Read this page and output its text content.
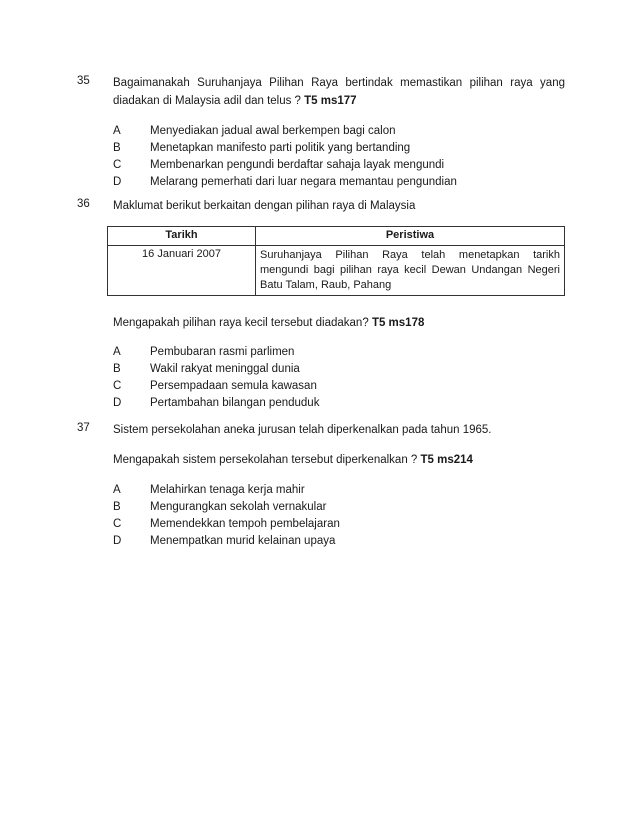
35 Bagaimanakah Suruhanjaya Pilihan Raya bertindak memastikan pilihan raya yang
diadakan di Malaysia adil dan telus ? T5 ms177
A	Menyediakan jadual awal berkempen bagi calon
B	Menetapkan manifesto parti politik yang bertanding
C Membenarkan pengundi berdaftar sahaja layak mengundi
D Melarang pemerhati dari luar negara memantau pengundian
36 Maklumat berikut berkaitan dengan pilihan raya di Malaysia
Tarikh	Peristiwa
16 Januari 2007	Suruhanjaya Pilihan Raya telah menetapkan tarikh
mengundi bagi pilihan raya kecil Dewan Undangan Negeri
Batu Talam, Raub, Pahang
Mengapakah pilihan raya kecil tersebut diadakan? T5 ms178
A	Pembubaran rasmi parlimen
B	Wakil rakyat meninggal dunia
C Persempadaan semula kawasan
D Pertambahan bilangan penduduk
37 Sistem persekolahan aneka jurusan telah diperkenalkan pada tahun 1965.
Mengapakah sistem persekolahan tersebut diperkenalkan ? T5 ms214
A	Melahirkan tenaga kerja mahir
B	Mengurangkan sekolah vernakular
C Memendekkan tempoh pembelajaran
D Menempatkan murid kelainan upaya
